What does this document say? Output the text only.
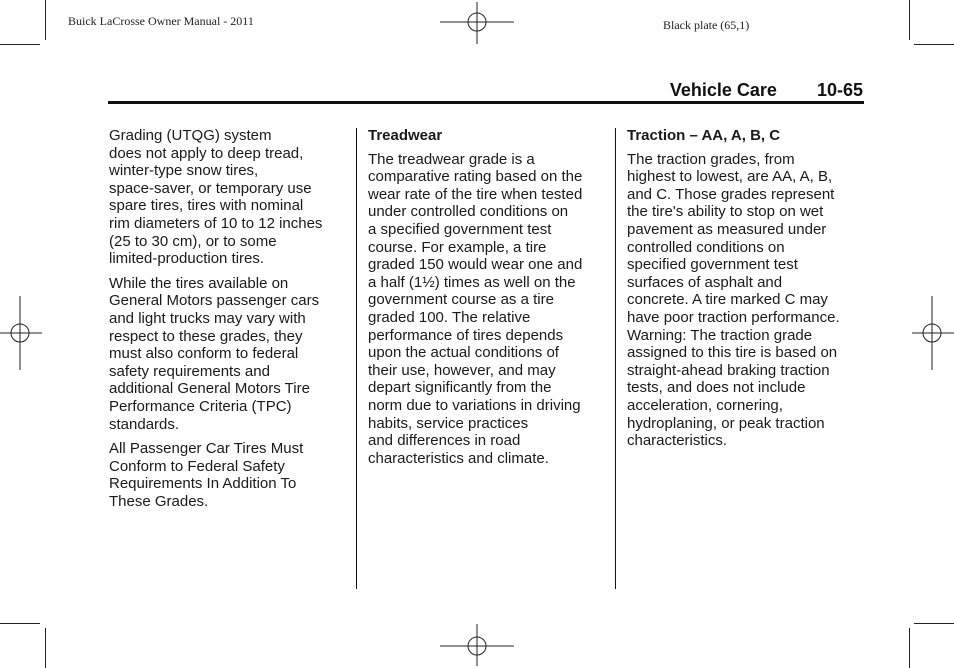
Buick LaCrosse Owner Manual - 2011	Black plate (65,1)
Vehicle Care 10-65

Grading (UTQG) system
does not apply to deep tread,
winter-type snow tires,
space-saver, or temporary use
spare tires, tires with nominal
rim diameters of 10 to 12 inches
(25 to 30 cm), or to some
limited-production tires.

While the tires available on
General Motors passenger cars
and light trucks may vary with
respect to these grades, they
must also conform to federal
safety requirements and
additional General Motors Tire
Performance Criteria (TPC)
standards.

All Passenger Car Tires Must
Conform to Federal Safety
Requirements In Addition To
These Grades.

Treadwear

The treadwear grade is a
comparative rating based on the
wear rate of the tire when tested
under controlled conditions on
a specified government test
course. For example, a tire
graded 150 would wear one and
a half (1½) times as well on the
government course as a tire
graded 100. The relative
performance of tires depends
upon the actual conditions of
their use, however, and may
depart significantly from the
norm due to variations in driving
habits, service practices
and differences in road
characteristics and climate.

Traction – AA, A, B, C

The traction grades, from
highest to lowest, are AA, A, B,
and C. Those grades represent
the tire's ability to stop on wet
pavement as measured under
controlled conditions on
specified government test
surfaces of asphalt and
concrete. A tire marked C may
have poor traction performance.
Warning: The traction grade
assigned to this tire is based on
straight-ahead braking traction
tests, and does not include
acceleration, cornering,
hydroplaning, or peak traction
characteristics.
